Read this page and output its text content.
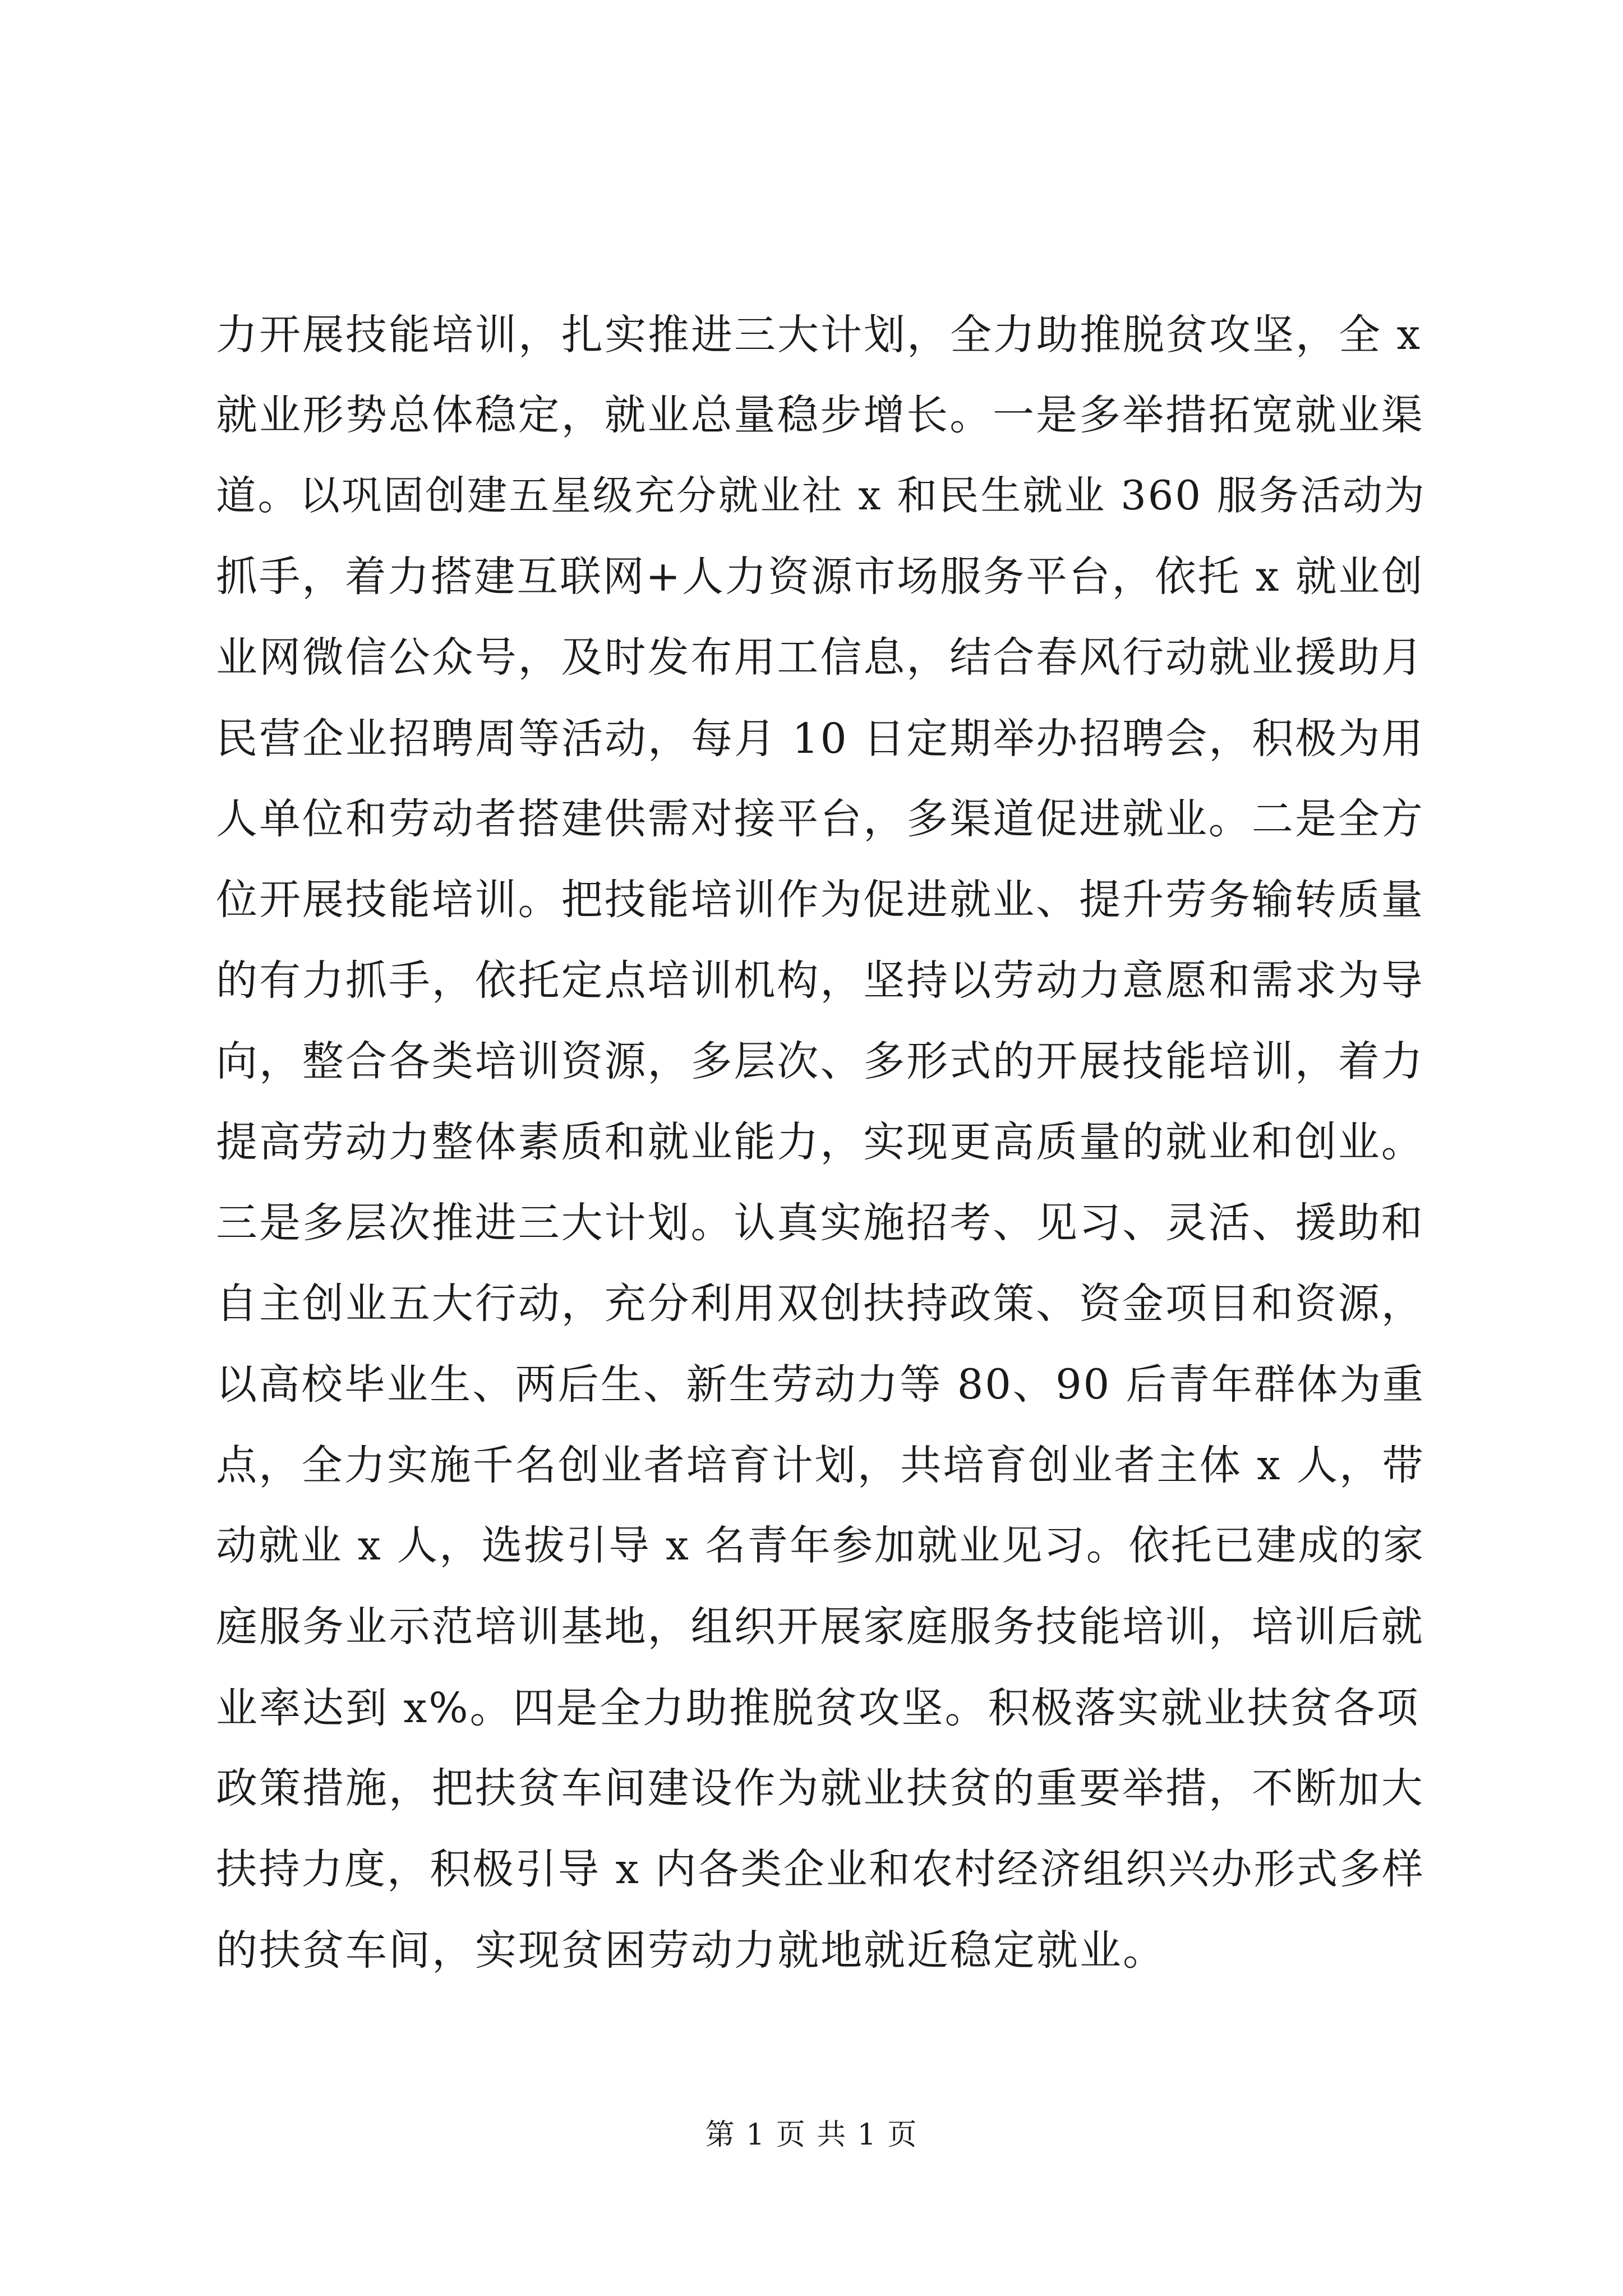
力开展技能培训，扎实推进三大计划，全力助推脱贫攻坚，全 x
就业形势总体稳定，就业总量稳步增长。一是多举措拓宽就业渠
道。以巩固创建五星级充分就业社 x 和民生就业 360 服务活动为
抓手，着力搭建互联网+人力资源市场服务平台，依托 x 就业创
业网微信公众号，及时发布用工信息，结合春风行动就业援助月
民营企业招聘周等活动，每月 10 日定期举办招聘会，积极为用
人单位和劳动者搭建供需对接平台，多渠道促进就业。二是全方
位开展技能培训。把技能培训作为促进就业、提升劳务输转质量
的有力抓手，依托定点培训机构，坚持以劳动力意愿和需求为导
向，整合各类培训资源，多层次、多形式的开展技能培训，着力
提高劳动力整体素质和就业能力，实现更高质量的就业和创业。
三是多层次推进三大计划。认真实施招考、见习、灵活、援助和
自主创业五大行动，充分利用双创扶持政策、资金项目和资源，
以高校毕业生、两后生、新生劳动力等 80、90 后青年群体为重
点，全力实施千名创业者培育计划，共培育创业者主体 x 人，带
动就业 x 人，选拔引导 x 名青年参加就业见习。依托已建成的家
庭服务业示范培训基地，组织开展家庭服务技能培训，培训后就
业率达到 x%。四是全力助推脱贫攻坚。积极落实就业扶贫各项
政策措施，把扶贫车间建设作为就业扶贫的重要举措，不断加大
扶持力度，积极引导 x 内各类企业和农村经济组织兴办形式多样
的扶贫车间，实现贫困劳动力就地就近稳定就业。
第 1 页 共 1 页
